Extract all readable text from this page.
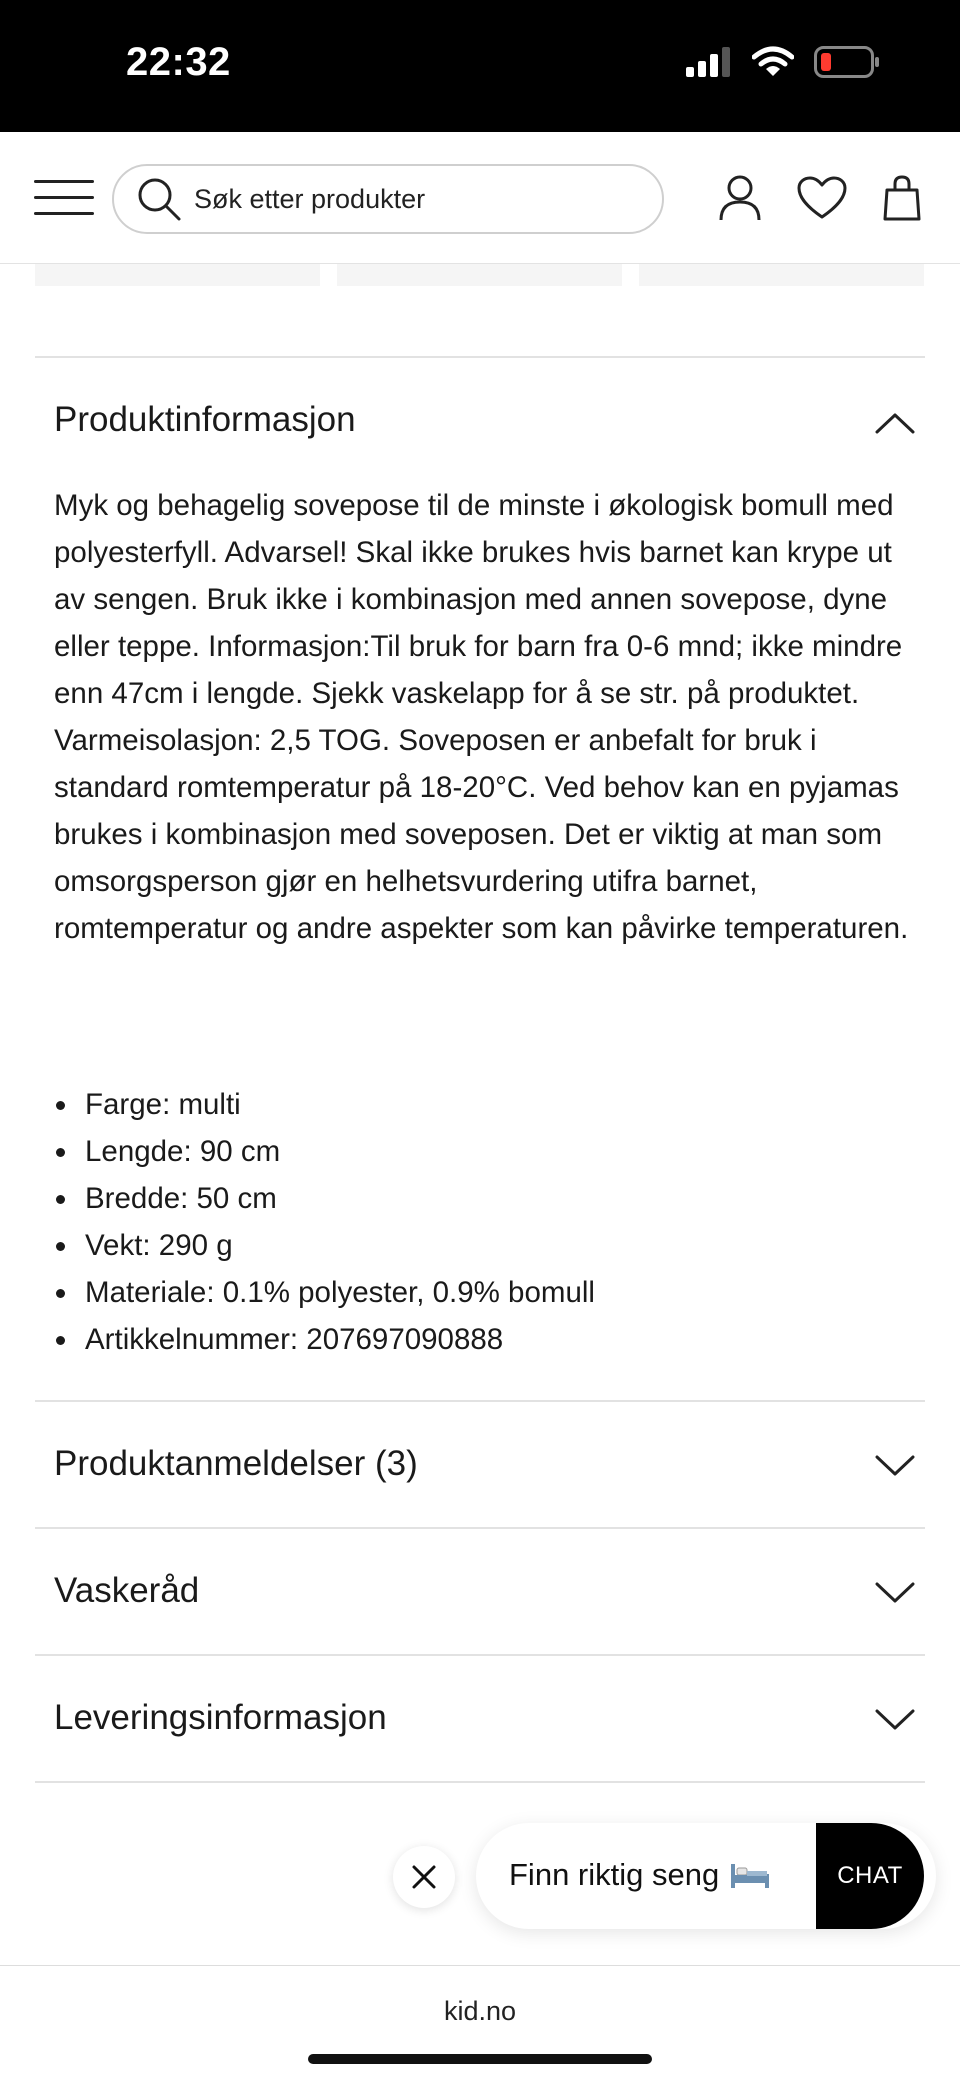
22:32
Søk etter produkter
Produktinformasjon
Myk og behagelig sovepose til de minste i økologisk bomull med polyesterfyll. Advarsel! Skal ikke brukes hvis barnet kan krype ut av sengen. Bruk ikke i kombinasjon med annen sovepose, dyne eller teppe. Informasjon:Til bruk for barn fra 0-6 mnd; ikke mindre enn 47cm i lengde. Sjekk vaskelapp for å se str. på produktet. Varmeisolasjon: 2,5 TOG. Soveposen er anbefalt for bruk i standard romtemperatur på 18-20°C. Ved behov kan en pyjamas brukes i kombinasjon med soveposen. Det er viktig at man som omsorgsperson gjør en helhetsvurdering utifra barnet, romtemperatur og andre aspekter som kan påvirke temperaturen.
Farge: multi
Lengde: 90 cm
Bredde: 50 cm
Vekt: 290 g
Materiale: 0.1% polyester, 0.9% bomull
Artikkelnummer: 207697090888
Produktanmeldelser (3)
Vaskeråd
Leveringsinformasjon
Finn riktig seng	CHAT
kid.no
